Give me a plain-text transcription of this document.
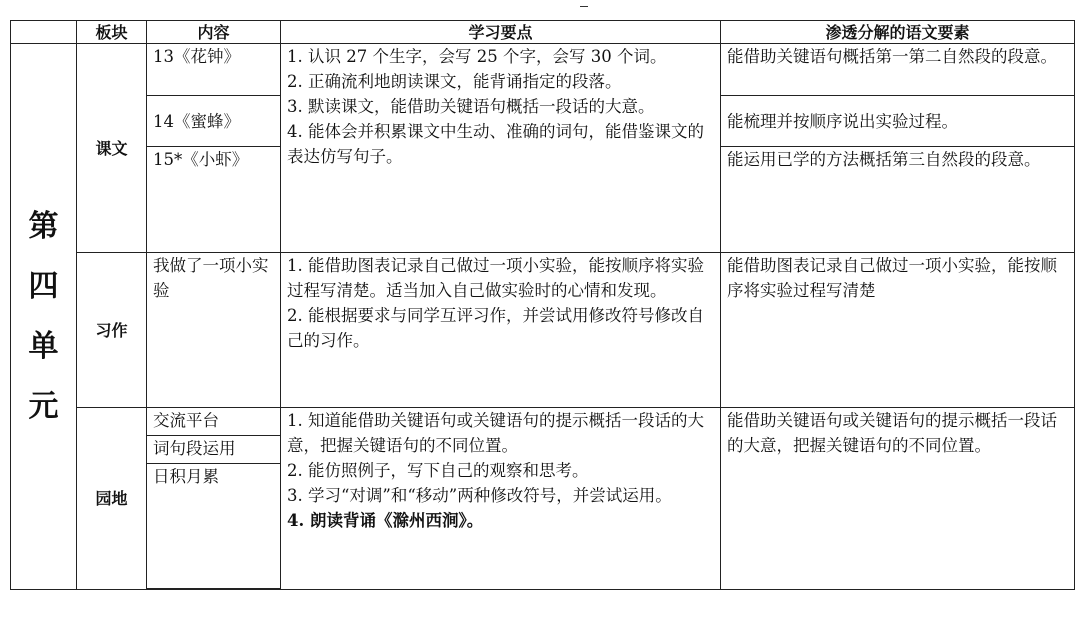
	板块	内容	学习要点	渗透分解的语文要素

第
四
单
元	课文	13《花钟》	1. 认识 27 个生字，会写 25 个字，会写 30 个词。
2. 正确流利地朗读课文，能背诵指定的段落。
3. 默读课文，能借助关键语句概括一段话的大意。
4. 能体会并积累课文中生动、准确的词句，能借鉴课文的表达仿写句子。	能借助关键语句概括第一第二自然段的段意。
		14《蜜蜂》		能梳理并按顺序说出实验过程。
		15*《小虾》		能运用已学的方法概括第三自然段的段意。
	习作	我做了一项小实验	1. 能借助图表记录自己做过一项小实验，能按顺序将实验过程写清楚。适当加入自己做实验时的心情和发现。
2. 能根据要求与同学互评习作，并尝试用修改符号修改自己的习作。	能借助图表记录自己做过一项小实验，能按顺序将实验过程写清楚
	园地	交流平台	1. 知道能借助关键语句或关键语句的提示概括一段话的大意，把握关键语句的不同位置。
2. 能仿照例子，写下自己的观察和思考。
3. 学习“对调”和“移动”两种修改符号，并尝试运用。
4. 朗读背诵《滁州西涧》。	能借助关键语句或关键语句的提示概括一段话的大意，把握关键语句的不同位置。
		词句段运用		
		日积月累		
